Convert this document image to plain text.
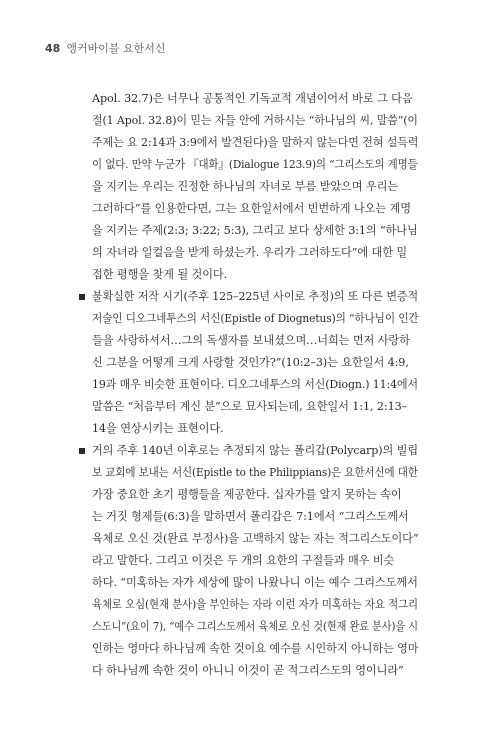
48 앵커바이블 요한서신
Apol. 32.7)은 너무나 공통적인 기독교적 개념이어서 바로 그 다음
절(1 Apol. 32.8)이 믿는 자들 안에 거하시는 “하나님의 씨, 말씀”(이
주제는 요 2:14과 3:9에서 발견된다)을 말하지 않는다면 전혀 설득력
이 없다. 만약 누군가 『대화』(Dialogue 123.9)의 “그리스도의 계명들
을 지키는 우리는 진정한 하나님의 자녀로 부름 받았으며 우리는
그러하다”를 인용한다면, 그는 요한일서에서 빈번하게 나오는 계명
을 지키는 주제(2:3; 3:22; 5:3), 그리고 보다 상세한 3:1의 “하나님
의 자녀라 일컬음을 받게 하셨는가. 우리가 그러하도다”에 대한 밀
접한 평행을 찾게 될 것이다.
불확실한 저작 시기(주후 125–225년 사이로 추정)의 또 다른 변증적
저술인 디오그네투스의 서신(Epistle of Diognetus)의 “하나님이 인간
들을 사랑하셔서…그의 독생자를 보내셨으며…너희는 먼저 사랑하
신 그분을 어떻게 크게 사랑할 것인가?”(10:2–3)는 요한일서 4:9,
19과 매우 비슷한 표현이다. 디오그네투스의 서신(Diogn.) 11:4에서
말씀은 “처음부터 계신 분”으로 묘사되는데, 요한일서 1:1, 2:13–
14을 연상시키는 표현이다.
거의 주후 140년 이후로는 추정되지 않는 폴리갑(Polycarp)의 빌립
보 교회에 보내는 서신(Epistle to the Philippians)은 요한서신에 대한
가장 중요한 초기 평행들을 제공한다. 십자가를 알지 못하는 속이
는 거짓 형제들(6:3)을 말하면서 폴리갑은 7:1에서 “그리스도께서
육체로 오신 것(완료 부정사)을 고백하지 않는 자는 적그리스도이다”
라고 말한다. 그리고 이것은 두 개의 요한의 구절들과 매우 비슷
하다. “미혹하는 자가 세상에 많이 나왔나니 이는 예수 그리스도께서
육체로 오심(현재 분사)을 부인하는 자라 이런 자가 미혹하는 자요 적그리
스도니”(요이 7), “예수 그리스도께서 육체로 오신 것(현재 완료 분사)을 시
인하는 영마다 하나님께 속한 것이요 예수를 시인하지 아니하는 영마
다 하나님께 속한 것이 아니니 이것이 곧 적그리스도의 영이니라”
